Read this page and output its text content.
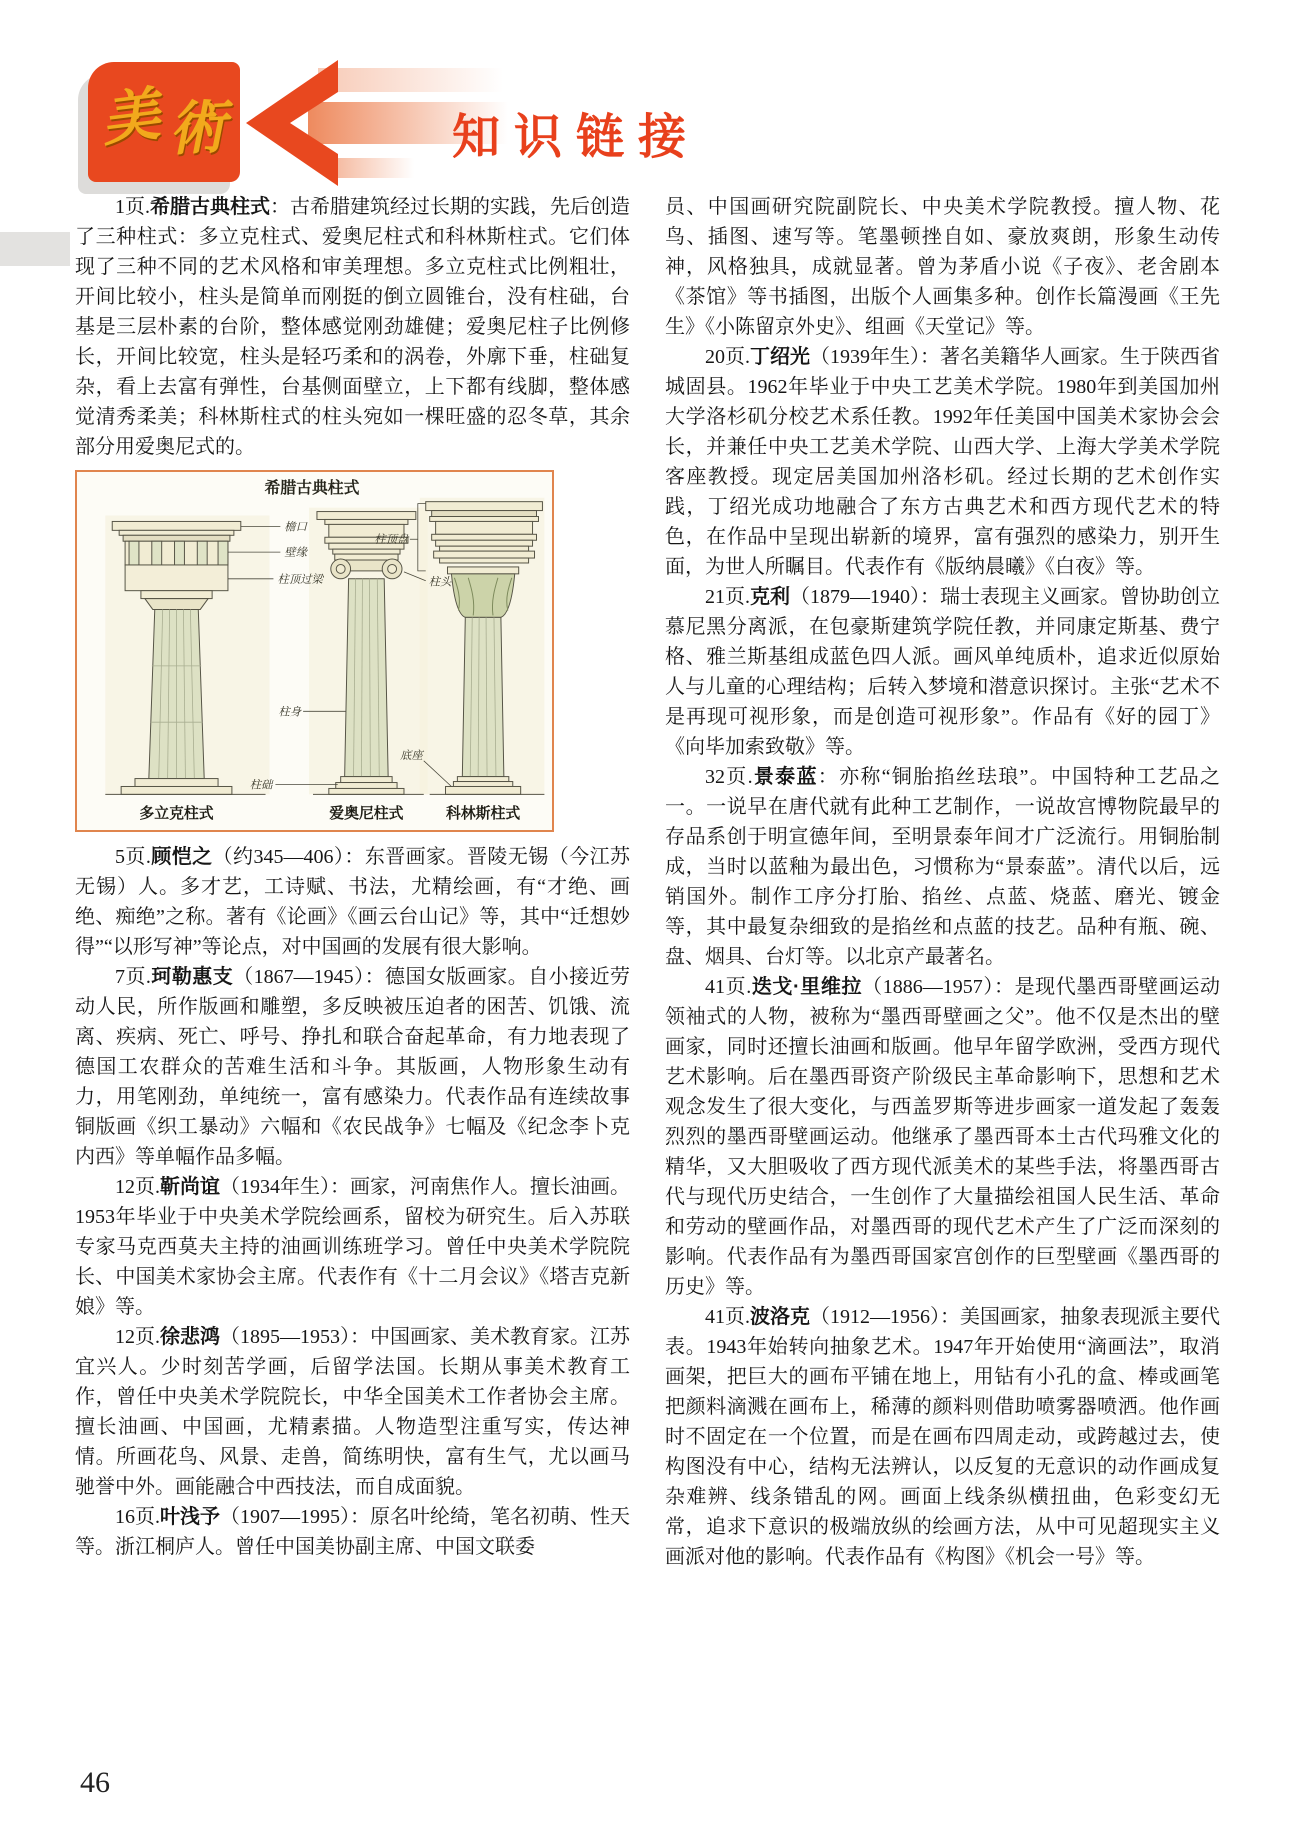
美 術	知识链接

1页.希腊古典柱式：古希腊建筑经过长期的实践，先后创造了三种柱式：多立克柱式、爱奥尼柱式和科林斯柱式。它们体现了三种不同的艺术风格和审美理想。多立克柱式比例粗壮，开间比较小，柱头是简单而刚挺的倒立圆锥台，没有柱础，台基是三层朴素的台阶，整体感觉刚劲雄健；爱奥尼柱子比例修长，开间比较宽，柱头是轻巧柔和的涡卷，外廓下垂，柱础复杂，看上去富有弹性，台基侧面壁立，上下都有线脚，整体感觉清秀柔美；科林斯柱式的柱头宛如一棵旺盛的忍冬草，其余部分用爱奥尼式的。

希腊古典柱式
檐口
壁缘
柱顶过梁	柱头
柱身
柱础
柱顶盘
底座
多立克柱式	爱奥尼柱式	科林斯柱式

5页.顾恺之（约345—406）：东晋画家。晋陵无锡（今江苏无锡）人。多才艺，工诗赋、书法，尤精绘画，有“才绝、画绝、痴绝”之称。著有《论画》《画云台山记》等，其中“迁想妙得”“以形写神”等论点，对中国画的发展有很大影响。

7页.珂勒惠支（1867—1945）：德国女版画家。自小接近劳动人民，所作版画和雕塑，多反映被压迫者的困苦、饥饿、流离、疾病、死亡、呼号、挣扎和联合奋起革命，有力地表现了德国工农群众的苦难生活和斗争。其版画，人物形象生动有力，用笔刚劲，单纯统一，富有感染力。代表作品有连续故事铜版画《织工暴动》六幅和《农民战争》七幅及《纪念李卜克内西》等单幅作品多幅。

12页.靳尚谊（1934年生）：画家，河南焦作人。擅长油画。1953年毕业于中央美术学院绘画系，留校为研究生。后入苏联专家马克西莫夫主持的油画训练班学习。曾任中央美术学院院长、中国美术家协会主席。代表作有《十二月会议》《塔吉克新娘》等。

12页.徐悲鸿（1895—1953）：中国画家、美术教育家。江苏宜兴人。少时刻苦学画，后留学法国。长期从事美术教育工作，曾任中央美术学院院长，中华全国美术工作者协会主席。擅长油画、中国画，尤精素描。人物造型注重写实，传达神情。所画花鸟、风景、走兽，简练明快，富有生气，尤以画马驰誉中外。画能融合中西技法，而自成面貌。

16页.叶浅予（1907—1995）：原名叶纶绮，笔名初萌、性天等。浙江桐庐人。曾任中国美协副主席、中国文联委

员、中国画研究院副院长、中央美术学院教授。擅人物、花鸟、插图、速写等。笔墨顿挫自如、豪放爽朗，形象生动传神，风格独具，成就显著。曾为茅盾小说《子夜》、老舍剧本《茶馆》等书插图，出版个人画集多种。创作长篇漫画《王先生》《小陈留京外史》、组画《天堂记》等。

20页.丁绍光（1939年生）：著名美籍华人画家。生于陕西省城固县。1962年毕业于中央工艺美术学院。1980年到美国加州大学洛杉矶分校艺术系任教。1992年任美国中国美术家协会会长，并兼任中央工艺美术学院、山西大学、上海大学美术学院客座教授。现定居美国加州洛杉矶。经过长期的艺术创作实践，丁绍光成功地融合了东方古典艺术和西方现代艺术的特色，在作品中呈现出崭新的境界，富有强烈的感染力，别开生面，为世人所瞩目。代表作有《版纳晨曦》《白夜》等。

21页.克利（1879—1940）：瑞士表现主义画家。曾协助创立慕尼黑分离派，在包豪斯建筑学院任教，并同康定斯基、费宁格、雅兰斯基组成蓝色四人派。画风单纯质朴，追求近似原始人与儿童的心理结构；后转入梦境和潜意识探讨。主张“艺术不是再现可视形象，而是创造可视形象”。作品有《好的园丁》《向毕加索致敬》等。

32页.景泰蓝：亦称“铜胎掐丝珐琅”。中国特种工艺品之一。一说早在唐代就有此种工艺制作，一说故宫博物院最早的存品系创于明宣德年间，至明景泰年间才广泛流行。用铜胎制成，当时以蓝釉为最出色，习惯称为“景泰蓝”。清代以后，远销国外。制作工序分打胎、掐丝、点蓝、烧蓝、磨光、镀金等，其中最复杂细致的是掐丝和点蓝的技艺。品种有瓶、碗、盘、烟具、台灯等。以北京产最著名。

41页.迭戈·里维拉（1886—1957）：是现代墨西哥壁画运动领袖式的人物，被称为“墨西哥壁画之父”。他不仅是杰出的壁画家，同时还擅长油画和版画。他早年留学欧洲，受西方现代艺术影响。后在墨西哥资产阶级民主革命影响下，思想和艺术观念发生了很大变化，与西盖罗斯等进步画家一道发起了轰轰烈烈的墨西哥壁画运动。他继承了墨西哥本土古代玛雅文化的精华，又大胆吸收了西方现代派美术的某些手法，将墨西哥古代与现代历史结合，一生创作了大量描绘祖国人民生活、革命和劳动的壁画作品，对墨西哥的现代艺术产生了广泛而深刻的影响。代表作品有为墨西哥国家宫创作的巨型壁画《墨西哥的历史》等。

41页.波洛克（1912—1956）：美国画家，抽象表现派主要代表。1943年始转向抽象艺术。1947年开始使用“滴画法”，取消画架，把巨大的画布平铺在地上，用钻有小孔的盒、棒或画笔把颜料滴溅在画布上，稀薄的颜料则借助喷雾器喷洒。他作画时不固定在一个位置，而是在画布四周走动，或跨越过去，使构图没有中心，结构无法辨认，以反复的无意识的动作画成复杂难辨、线条错乱的网。画面上线条纵横扭曲，色彩变幻无常，追求下意识的极端放纵的绘画方法，从中可见超现实主义画派对他的影响。代表作品有《构图》《机会一号》等。

46
